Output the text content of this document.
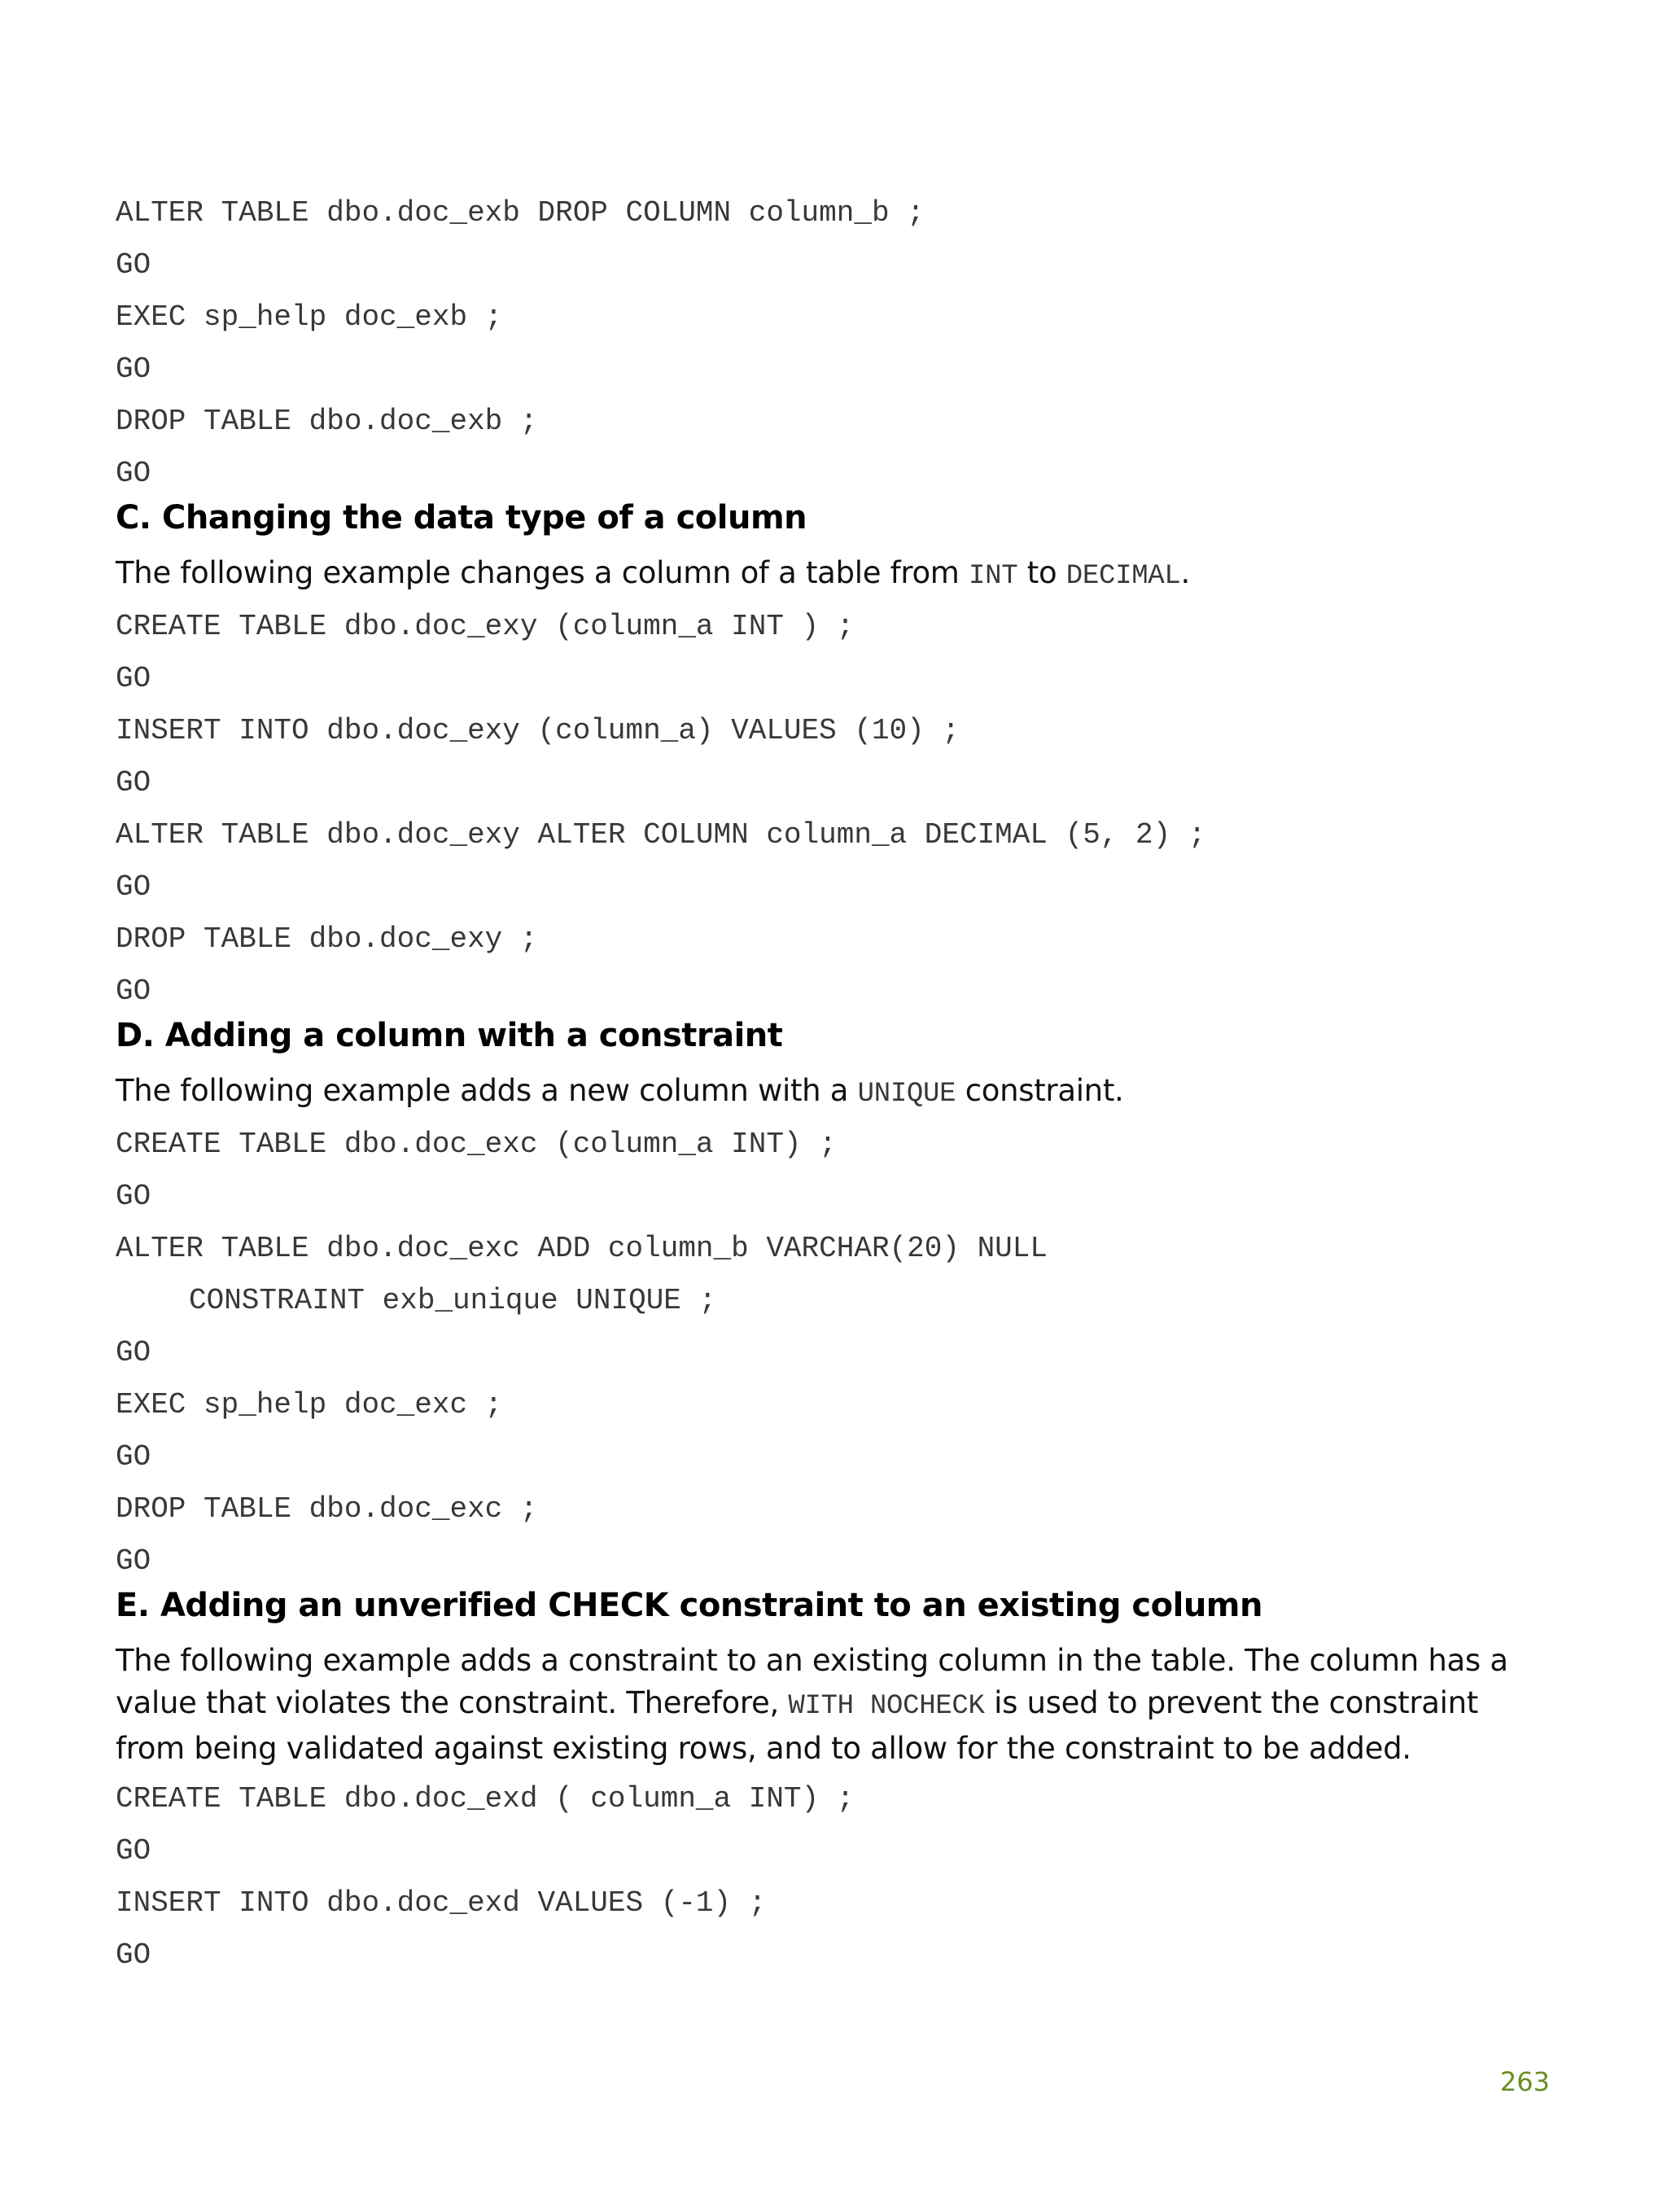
ALTER TABLE dbo.doc_exb DROP COLUMN column_b ;
GO
EXEC sp_help doc_exb ;
GO
DROP TABLE dbo.doc_exb ;
GO
C. Changing the data type of a column

The following example changes a column of a table from INT to DECIMAL.

CREATE TABLE dbo.doc_exy (column_a INT ) ;
GO
INSERT INTO dbo.doc_exy (column_a) VALUES (10) ;
GO
ALTER TABLE dbo.doc_exy ALTER COLUMN column_a DECIMAL (5, 2) ;
GO
DROP TABLE dbo.doc_exy ;
GO
D. Adding a column with a constraint

The following example adds a new column with a UNIQUE constraint.

CREATE TABLE dbo.doc_exc (column_a INT) ;
GO
ALTER TABLE dbo.doc_exc ADD column_b VARCHAR(20) NULL
CONSTRAINT exb_unique UNIQUE ;
GO
EXEC sp_help doc_exc ;
GO
DROP TABLE dbo.doc_exc ;
GO
E. Adding an unverified CHECK constraint to an existing column

The following example adds a constraint to an existing column in the table. The column has a value that violates the constraint. Therefore, WITH NOCHECK is used to prevent the constraint from being validated against existing rows, and to allow for the constraint to be added.

CREATE TABLE dbo.doc_exd ( column_a INT) ;
GO
INSERT INTO dbo.doc_exd VALUES (-1) ;
GO
263
